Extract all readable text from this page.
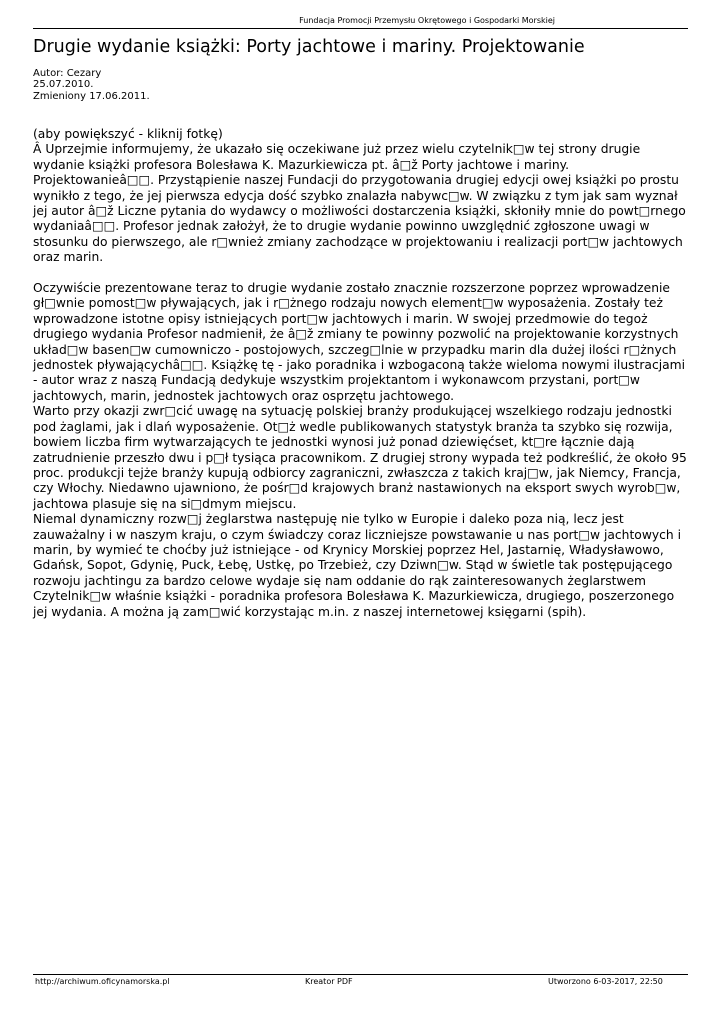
Fundacja Promocji Przemysłu Okrętowego i Gospodarki Morskiej
Drugie wydanie książki: Porty jachtowe i mariny. Projektowanie
Autor: Cezary
25.07.2010.
Zmieniony 17.06.2011.

(aby powiększyć - kliknij fotkę)
Â Uprzejmie informujemy, że ukazało się oczekiwane już przez wielu czytelnik□w tej strony drugie wydanie książki profesora Bolesława K. Mazurkiewicza pt. â□ž Porty jachtowe i mariny. Projektowanieâ□□. Przystąpienie naszej Fundacji do przygotowania drugiej edycji owej książki po prostu wynikło z tego, że jej pierwsza edycja dość szybko znalazła nabywc□w. W związku z tym jak sam wyznał jej autor â□ž Liczne pytania do wydawcy o możliwości dostarczenia książki, skłoniły mnie do powt□rnego wydaniaâ□□. Profesor jednak założył, że to drugie wydanie powinno uwzględnić zgłoszone uwagi w stosunku do pierwszego, ale r□wnież zmiany zachodzące w projektowaniu i realizacji port□w jachtowych oraz marin.

Oczywiście prezentowane teraz to drugie wydanie zostało znacznie rozszerzone poprzez wprowadzenie gł□wnie pomost□w pływających, jak i r□żnego rodzaju nowych element□w wyposażenia. Zostały też wprowadzone istotne opisy istniejących port□w jachtowych i marin. W swojej przedmowie do tegoż drugiego wydania Profesor nadmienił, że â□ž zmiany te powinny pozwolić na projektowanie korzystnych układ□w basen□w cumowniczo - postojowych, szczeg□lnie w przypadku marin dla dużej ilości r□żnych jednostek pływającychâ□□. Książkę tę - jako poradnika i wzbogaconą także wieloma nowymi ilustracjami - autor wraz z naszą Fundacją dedykuje wszystkim projektantom i wykonawcom przystani, port□w jachtowych, marin, jednostek jachtowych oraz osprzętu jachtowego.
Warto przy okazji zwr□cić uwagę na sytuację polskiej branży produkującej wszelkiego rodzaju jednostki pod żaglami, jak i dlań wyposażenie. Ot□ż wedle publikowanych statystyk branża ta szybko się rozwija, bowiem liczba firm wytwarzających te jednostki wynosi już ponad dziewięćset, kt□re łącznie dają zatrudnienie przeszło dwu i p□ł tysiąca pracownikom. Z drugiej strony wypada też podkreślić, że około 95 proc. produkcji tejże branży kupują odbiorcy zagraniczni, zwłaszcza z takich kraj□w, jak Niemcy, Francja, czy Włochy. Niedawno ujawniono, że pośr□d krajowych branż nastawionych na eksport swych wyrob□w, jachtowa plasuje się na si□dmym miejscu.
Niemal dynamiczny rozw□j żeglarstwa następuję nie tylko w Europie i daleko poza nią, lecz jest zauważalny i w naszym kraju, o czym świadczy coraz liczniejsze powstawanie u nas port□w jachtowych i marin, by wymieć te choćby już istniejące - od Krynicy Morskiej poprzez Hel, Jastarnię, Władysławowo, Gdańsk, Sopot, Gdynię, Puck, Łebę, Ustkę, po Trzebież, czy Dziwn□w. Stąd w świetle tak postępującego rozwoju jachtingu za bardzo celowe wydaje się nam oddanie do rąk zainteresowanych żeglarstwem Czytelnik□w właśnie książki - poradnika profesora Bolesława K. Mazurkiewicza, drugiego, poszerzonego jej wydania. A można ją zam□wić korzystając m.in. z naszej internetowej księgarni (spih).

http://archiwum.oficynamorska.pl	Kreator PDF	Utworzono 6-03-2017, 22:50
